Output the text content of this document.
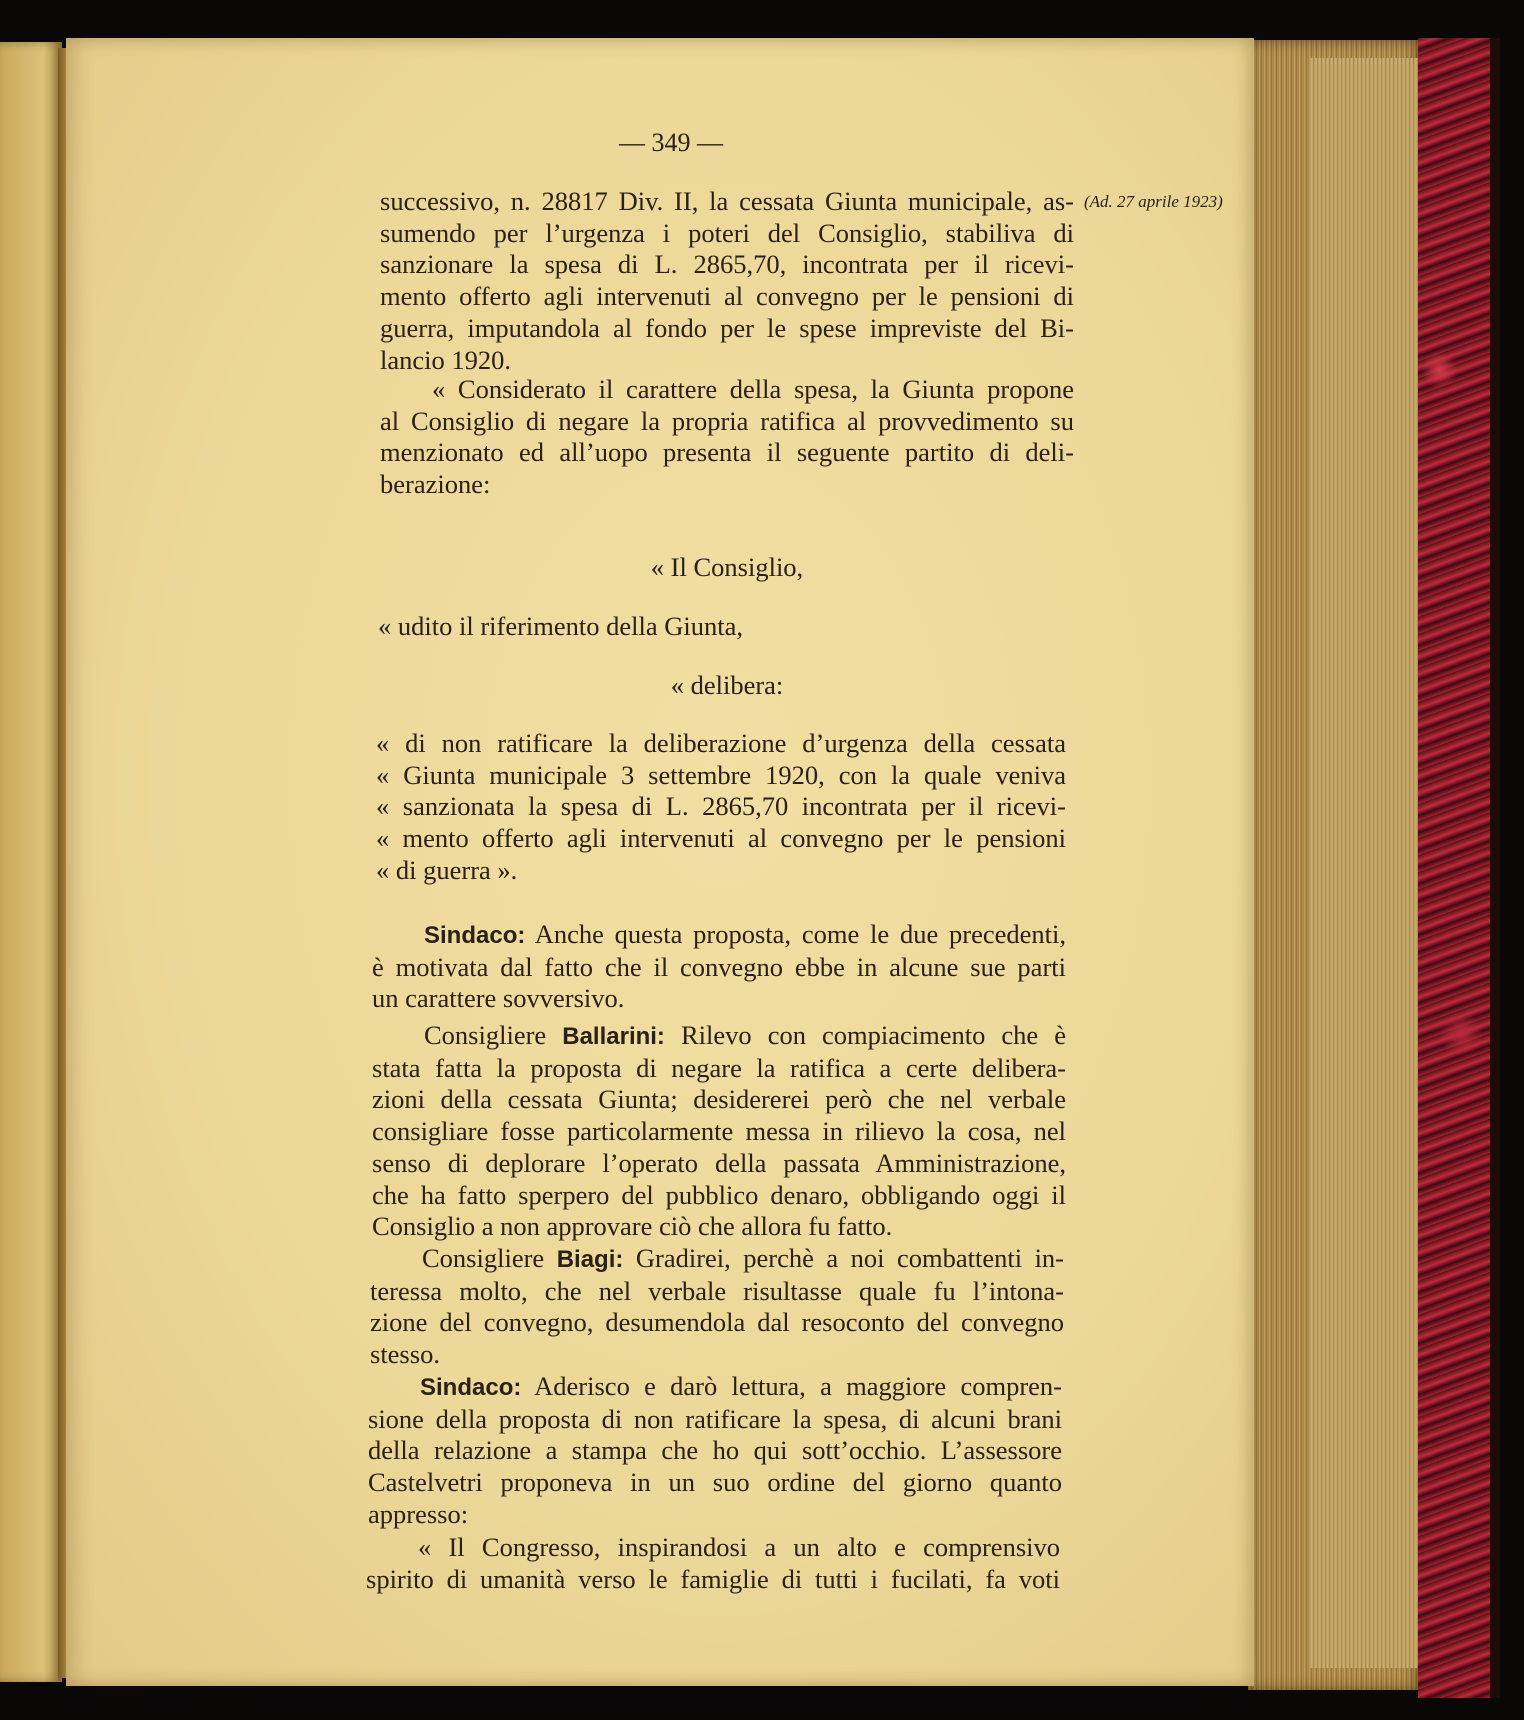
— 349 —
(Ad. 27 aprile 1923)
successivo, n. 28817 Div. II, la cessata Giunta municipale, as-
sumendo per l’urgenza i poteri del Consiglio, stabiliva di
sanzionare la spesa di L. 2865,70, incontrata per il ricevi-
mento offerto agli intervenuti al convegno per le pensioni di
guerra, imputandola al fondo per le spese impreviste del Bi-
lancio 1920.
« Considerato il carattere della spesa, la Giunta propone
al Consiglio di negare la propria ratifica al provvedimento su
menzionato ed all’uopo presenta il seguente partito di deli-
berazione:
« Il Consiglio,
« udito il riferimento della Giunta,
« delibera:
« di non ratificare la deliberazione d’urgenza della cessata
« Giunta municipale 3 settembre 1920, con la quale veniva
« sanzionata la spesa di L. 2865,70 incontrata per il ricevi-
« mento offerto agli intervenuti al convegno per le pensioni
« di guerra ».
Sindaco: Anche questa proposta, come le due precedenti,
è motivata dal fatto che il convegno ebbe in alcune sue parti
un carattere sovversivo.
Consigliere Ballarini: Rilevo con compiacimento che è
stata fatta la proposta di negare la ratifica a certe delibera-
zioni della cessata Giunta; desidererei però che nel verbale
consigliare fosse particolarmente messa in rilievo la cosa, nel
senso di deplorare l’operato della passata Amministrazione,
che ha fatto sperpero del pubblico denaro, obbligando oggi il
Consiglio a non approvare ciò che allora fu fatto.
Consigliere Biagi: Gradirei, perchè a noi combattenti in-
teressa molto, che nel verbale risultasse quale fu l’intona-
zione del convegno, desumendola dal resoconto del convegno
stesso.
Sindaco: Aderisco e darò lettura, a maggiore compren-
sione della proposta di non ratificare la spesa, di alcuni brani
della relazione a stampa che ho qui sott’occhio. L’assessore
Castelvetri proponeva in un suo ordine del giorno quanto
appresso:
« Il Congresso, inspirandosi a un alto e comprensivo
spirito di umanità verso le famiglie di tutti i fucilati, fa voti
